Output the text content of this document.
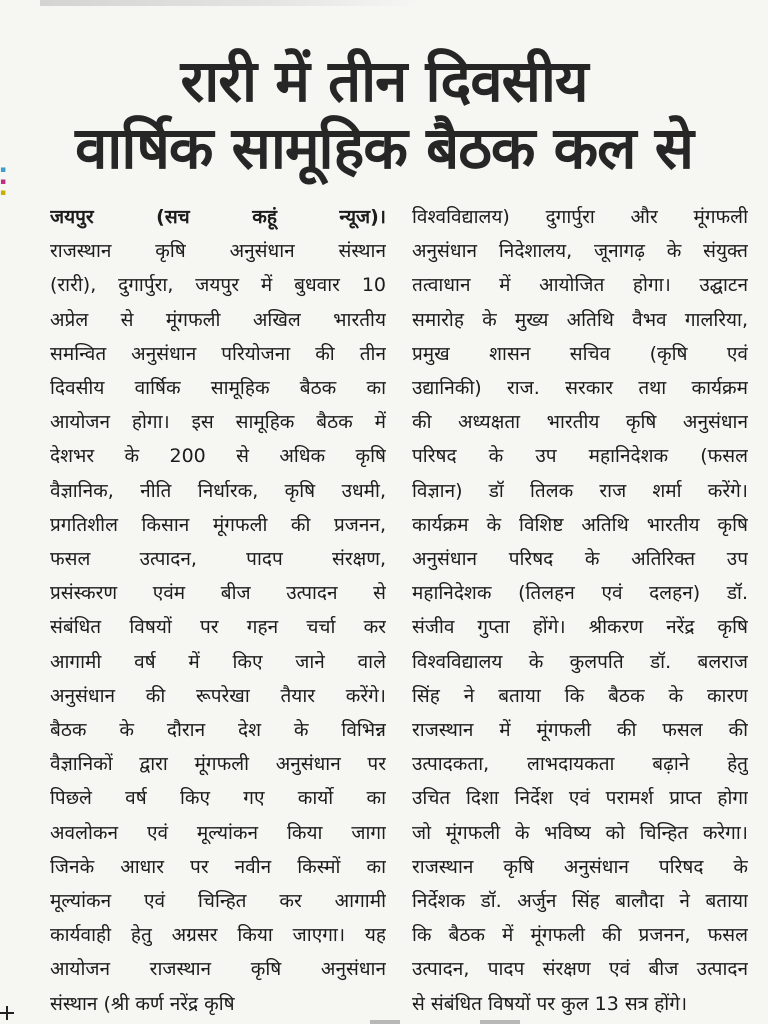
▪
▪
▪
रारी में तीन दिवसीय
वार्षिक सामूहिक बैठक कल से
जयपुर (सच कहूं न्यूज)।
राजस्थान कृषि अनुसंधान संस्थान
(रारी), दुगार्पुरा, जयपुर में बुधवार 10
अप्रेल से मूंगफली अखिल भारतीय
समन्वित अनुसंधान परियोजना की तीन
दिवसीय वार्षिक सामूहिक बैठक का
आयोजन होगा। इस सामूहिक बैठक में
देशभर के 200 से अधिक कृषि
वैज्ञानिक, नीति निर्धारक, कृषि उधमी,
प्रगतिशील किसान मूंगफली की प्रजनन,
फसल उत्पादन, पादप संरक्षण,
प्रसंस्करण एवंम बीज उत्पादन से
संबंधित विषयों पर गहन चर्चा कर
आगामी वर्ष में किए जाने वाले
अनुसंधान की रूपरेखा तैयार करेंगे।
बैठक के दौरान देश के विभिन्न
वैज्ञानिकों द्वारा मूंगफली अनुसंधान पर
पिछले वर्ष किए गए कार्यो का
अवलोकन एवं मूल्यांकन किया जागा
जिनके आधार पर नवीन किस्मों का
मूल्यांकन एवं चिन्हित कर आगामी
कार्यवाही हेतु अग्रसर किया जाएगा। यह
आयोजन राजस्थान कृषि अनुसंधान
संस्थान (श्री कर्ण नरेंद्र कृषि
विश्वविद्यालय) दुगार्पुरा और मूंगफली
अनुसंधान निदेशालय, जूनागढ़ के संयुक्त
तत्वाधान में आयोजित होगा। उद्घाटन
समारोह के मुख्य अतिथि वैभव गालरिया,
प्रमुख शासन सचिव (कृषि एवं
उद्यानिकी) राज. सरकार तथा कार्यक्रम
की अध्यक्षता भारतीय कृषि अनुसंधान
परिषद के उप महानिदेशक (फसल
विज्ञान) डॉ तिलक राज शर्मा करेंगे।
कार्यक्रम के विशिष्ट अतिथि भारतीय कृषि
अनुसंधान परिषद के अतिरिक्त उप
महानिदेशक (तिलहन एवं दलहन) डॉ.
संजीव गुप्ता होंगे। श्रीकरण नरेंद्र कृषि
विश्वविद्यालय के कुलपति डॉ. बलराज
सिंह ने बताया कि बैठक के कारण
राजस्थान में मूंगफली की फसल की
उत्पादकता, लाभदायकता बढ़ाने हेतु
उचित दिशा निर्देश एवं परामर्श प्राप्त होगा
जो मूंगफली के भविष्य को चिन्हित करेगा।
राजस्थान कृषि अनुसंधान परिषद के
निर्देशक डॉ. अर्जुन सिंह बालौदा ने बताया
कि बैठक में मूंगफली की प्रजनन, फसल
उत्पादन, पादप संरक्षण एवं बीज उत्पादन
से संबंधित विषयों पर कुल 13 सत्र होंगे।
